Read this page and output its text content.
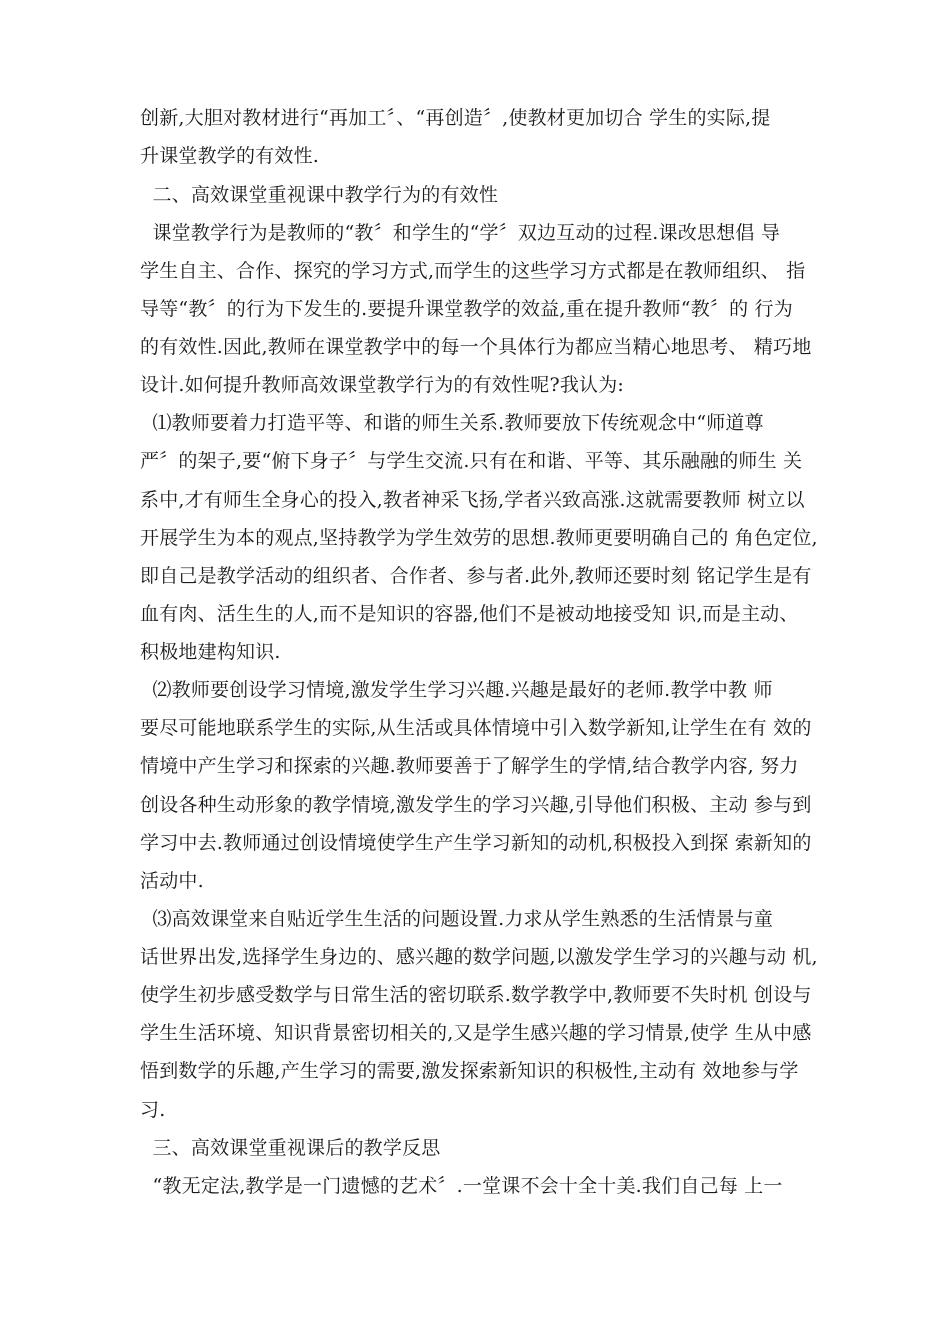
创新,大胆对教材进行“再加工〞、“再创造〞,使教材更加切合 学生的实际,提
升课堂教学的有效性.
二、高效课堂重视课中教学行为的有效性
课堂教学行为是教师的“教〞和学生的“学〞双边互动的过程.课改思想倡 导
学生自主、合作、探究的学习方式,而学生的这些学习方式都是在教师组织、 指
导等“教〞的行为下发生的.要提升课堂教学的效益,重在提升教师“教〞的 行为
的有效性.因此,教师在课堂教学中的每一个具体行为都应当精心地思考、 精巧地
设计.如何提升教师高效课堂教学行为的有效性呢?我认为:
⑴教师要着力打造平等、和谐的师生关系.教师要放下传统观念中“师道尊
严〞的架子,要“俯下身子〞与学生交流.只有在和谐、平等、其乐融融的师生 关
系中,才有师生全身心的投入,教者神采飞扬,学者兴致高涨.这就需要教师 树立以
开展学生为本的观点,坚持教学为学生效劳的思想.教师更要明确自己的 角色定位,
即自己是教学活动的组织者、合作者、参与者.此外,教师还要时刻 铭记学生是有
血有肉、活生生的人,而不是知识的容器,他们不是被动地接受知 识,而是主动、
积极地建构知识.
⑵教师要创设学习情境,激发学生学习兴趣.兴趣是最好的老师.教学中教 师
要尽可能地联系学生的实际,从生活或具体情境中引入数学新知,让学生在有 效的
情境中产生学习和探索的兴趣.教师要善于了解学生的学情,结合教学内容, 努力
创设各种生动形象的教学情境,激发学生的学习兴趣,引导他们积极、主动 参与到
学习中去.教师通过创设情境使学生产生学习新知的动机,积极投入到探 索新知的
活动中.
⑶高效课堂来自贴近学生生活的问题设置.力求从学生熟悉的生活情景与童
话世界出发,选择学生身边的、感兴趣的数学问题,以激发学生学习的兴趣与动 机,
使学生初步感受数学与日常生活的密切联系.数学教学中,教师要不失时机 创设与
学生生活环境、知识背景密切相关的,又是学生感兴趣的学习情景,使学 生从中感
悟到数学的乐趣,产生学习的需要,激发探索新知识的积极性,主动有 效地参与学
习.
三、高效课堂重视课后的教学反思
“教无定法,教学是一门遗憾的艺术〞.一堂课不会十全十美.我们自己每 上一
